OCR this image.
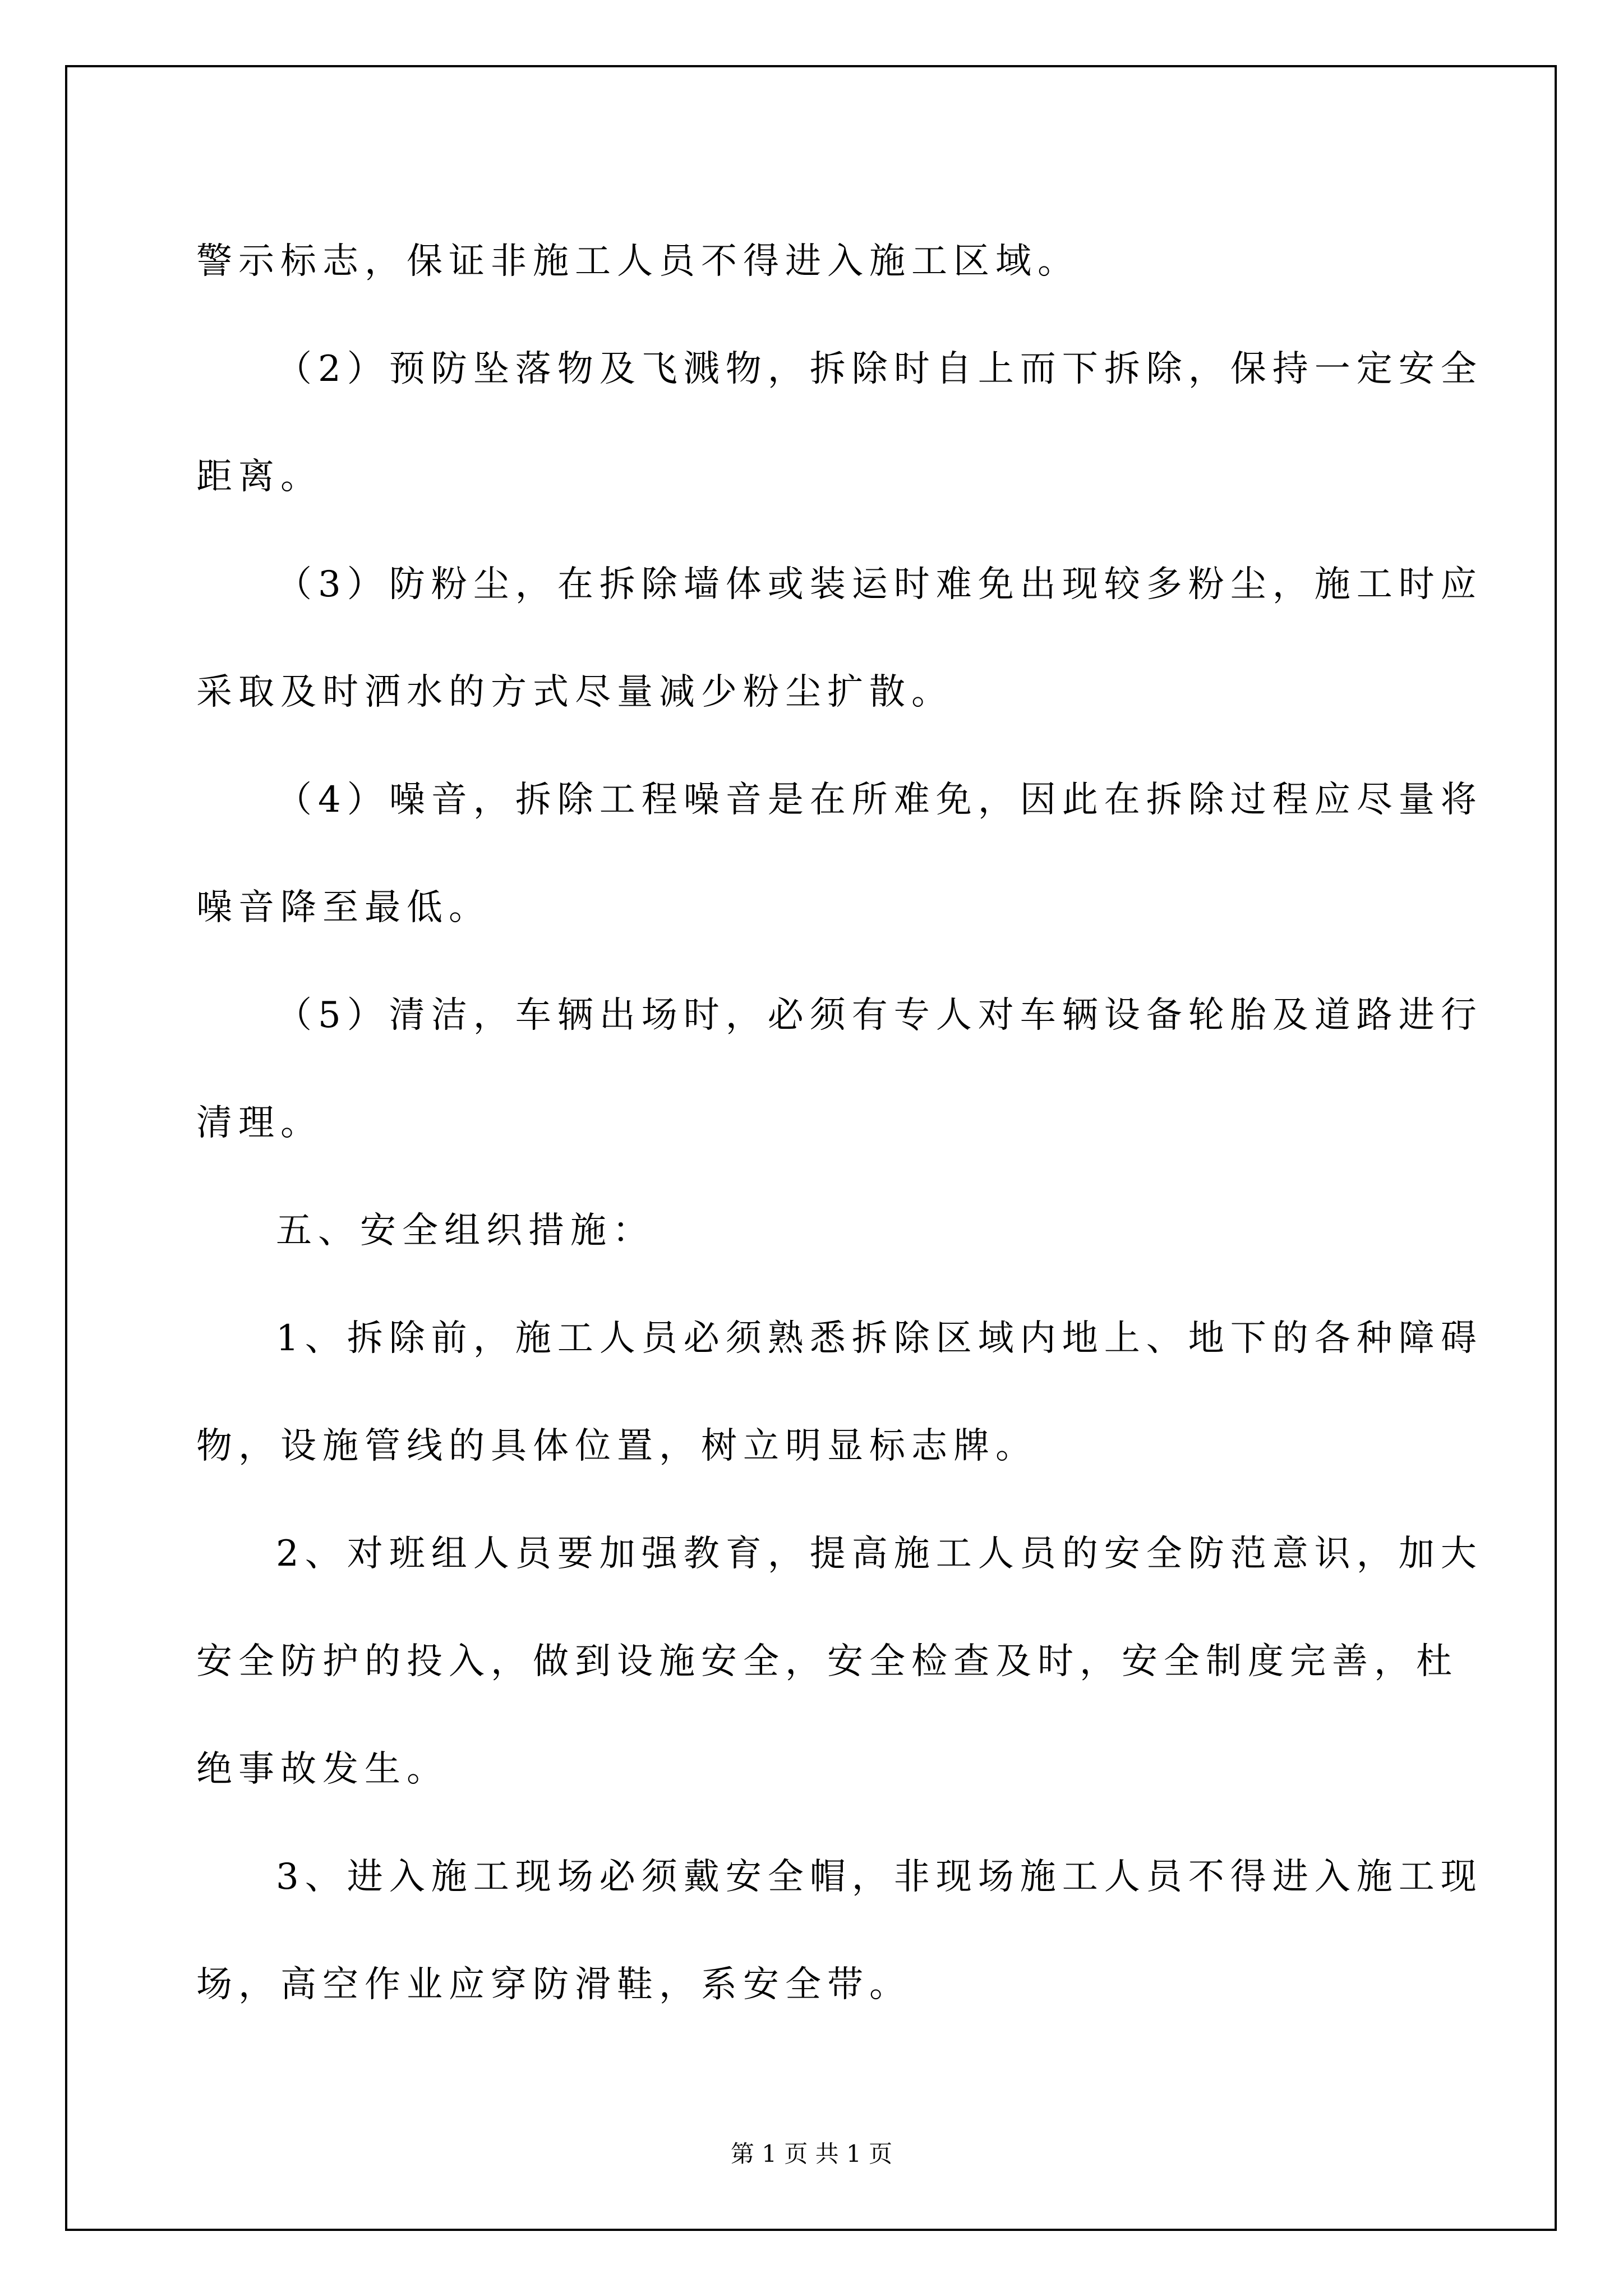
警示标志，保证非施工人员不得进入施工区域。
（2）预防坠落物及飞溅物，拆除时自上而下拆除，保持一定安全
距离。
（3）防粉尘，在拆除墙体或装运时难免出现较多粉尘，施工时应
采取及时洒水的方式尽量减少粉尘扩散。
（4）噪音，拆除工程噪音是在所难免，因此在拆除过程应尽量将
噪音降至最低。
（5）清洁，车辆出场时，必须有专人对车辆设备轮胎及道路进行
清理。
五、安全组织措施：
1、拆除前，施工人员必须熟悉拆除区域内地上、地下的各种障碍
物，设施管线的具体位置，树立明显标志牌。
2、对班组人员要加强教育，提高施工人员的安全防范意识，加大
安全防护的投入，做到设施安全，安全检查及时，安全制度完善，杜
绝事故发生。
3、进入施工现场必须戴安全帽，非现场施工人员不得进入施工现
场，高空作业应穿防滑鞋，系安全带。
第 1 页 共 1 页
